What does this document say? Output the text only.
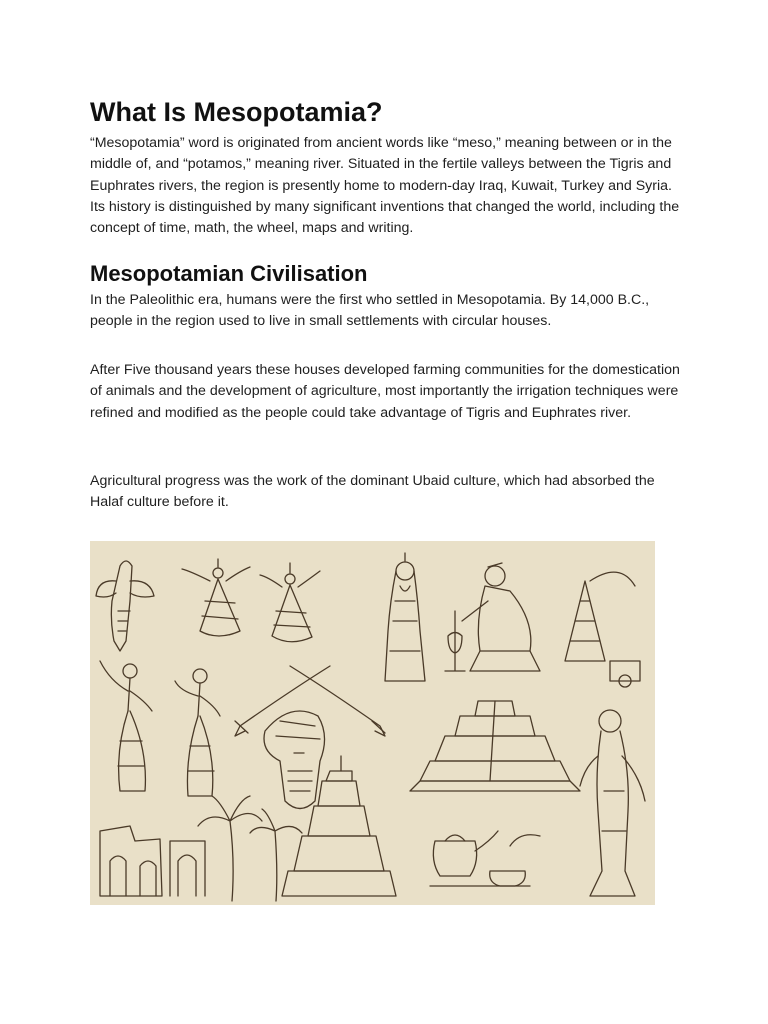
What Is Mesopotamia?

“Mesopotamia” word is originated from ancient words like “meso,” meaning between or in the middle of, and “potamos,” meaning river. Situated in the fertile valleys between the Tigris and Euphrates rivers, the region is presently home to modern-day Iraq, Kuwait, Turkey and Syria. Its history is distinguished by many significant inventions that changed the world, including the concept of time, math, the wheel, maps and writing.

Mesopotamian Civilisation

In the Paleolithic era, humans were the first who settled in Mesopotamia. By 14,000 B.C., people in the region used to live in small settlements with circular houses.

After Five thousand years these houses developed farming communities for the domestication of animals and the development of agriculture, most importantly the irrigation techniques were refined and modified as the people could take advantage of Tigris and Euphrates river.

Agricultural progress was the work of the dominant Ubaid culture, which had absorbed the Halaf culture before it.
